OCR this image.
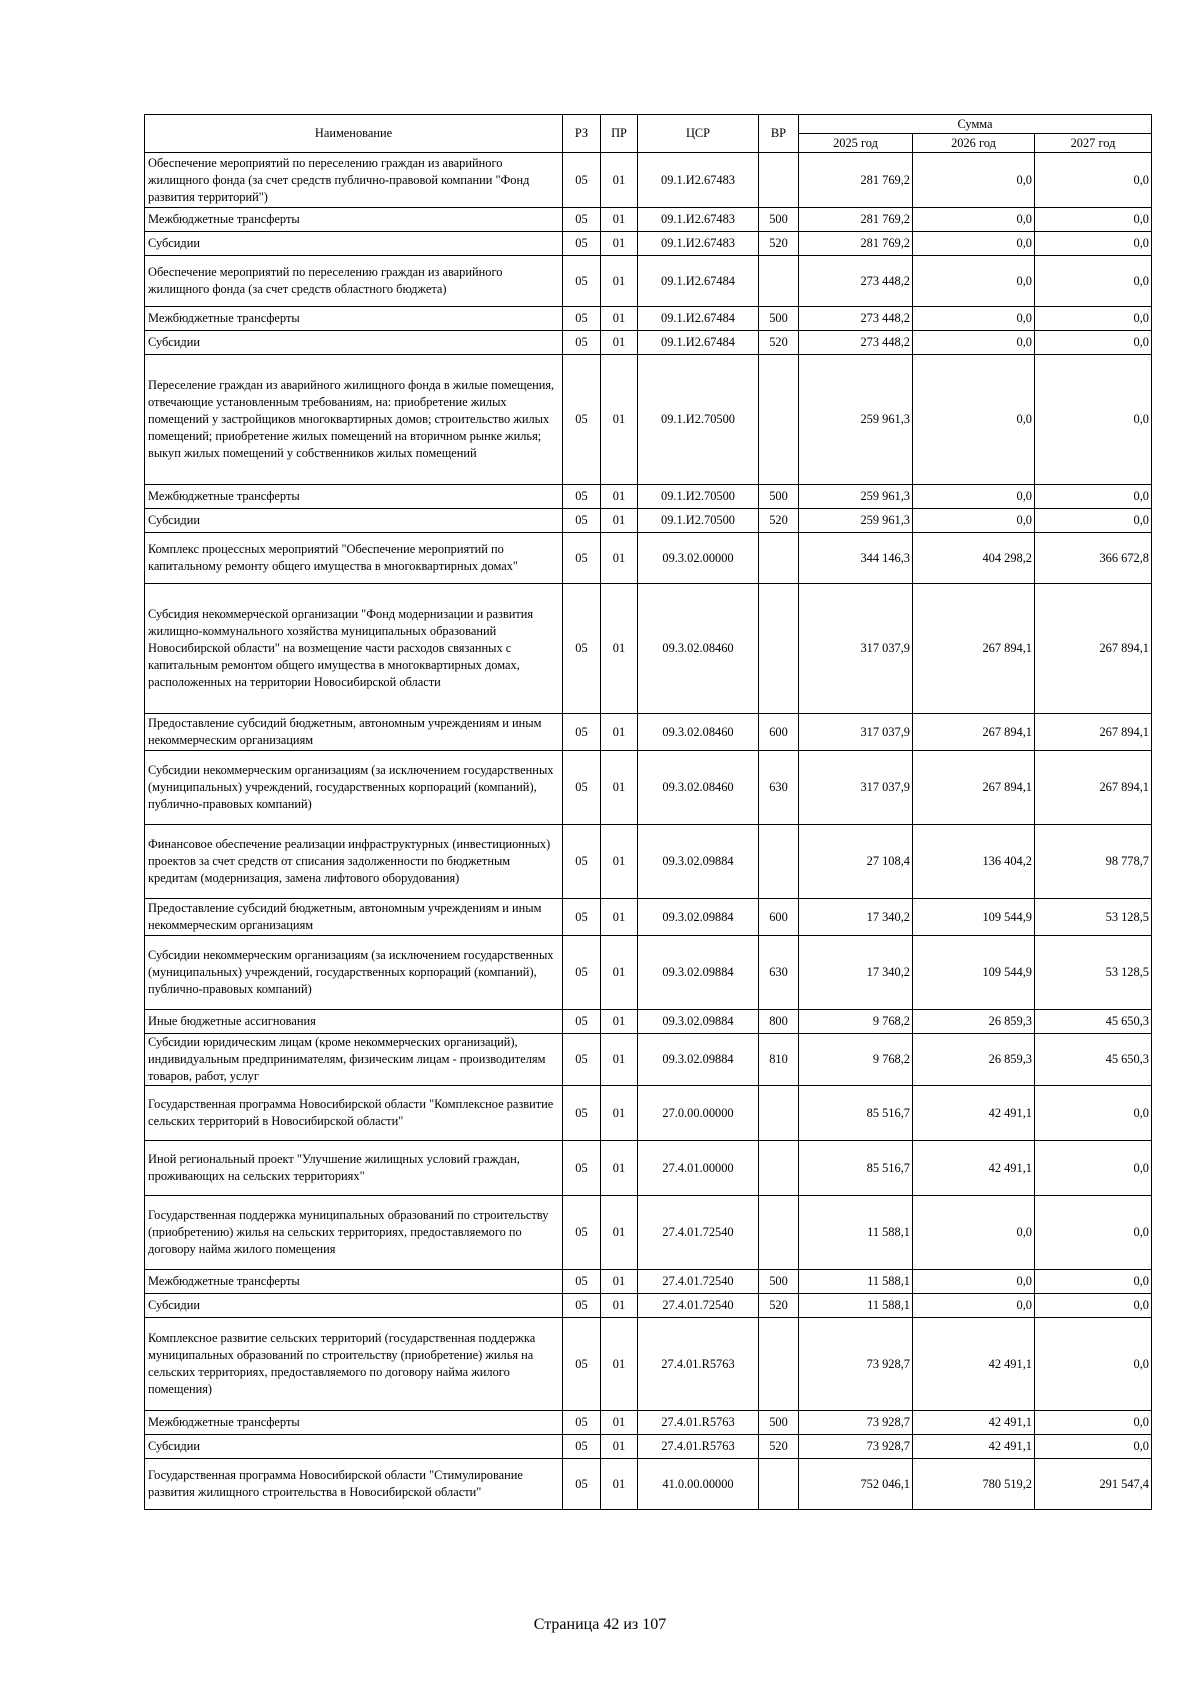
Наименование	РЗ	ПР	ЦСР	ВР	Сумма		
					2025 год	2026 год	2027 год
Обеспечение мероприятий по переселению граждан из аварийного жилищного фонда (за счет средств публично-правовой компании "Фонд развития территорий")	05	01	09.1.И2.67483		281 769,2	0,0	0,0
Межбюджетные трансферты	05	01	09.1.И2.67483	500	281 769,2	0,0	0,0
Субсидии	05	01	09.1.И2.67483	520	281 769,2	0,0	0,0
Обеспечение мероприятий по переселению граждан из аварийного жилищного фонда (за счет средств областного бюджета)	05	01	09.1.И2.67484		273 448,2	0,0	0,0
Межбюджетные трансферты	05	01	09.1.И2.67484	500	273 448,2	0,0	0,0
Субсидии	05	01	09.1.И2.67484	520	273 448,2	0,0	0,0
Переселение граждан из аварийного жилищного фонда в жилые помещения, отвечающие установленным требованиям, на: приобретение жилых помещений у застройщиков многоквартирных домов; строительство жилых помещений; приобретение жилых помещений на вторичном рынке жилья; выкуп жилых помещений у собственников жилых помещений	05	01	09.1.И2.70500		259 961,3	0,0	0,0
Межбюджетные трансферты	05	01	09.1.И2.70500	500	259 961,3	0,0	0,0
Субсидии	05	01	09.1.И2.70500	520	259 961,3	0,0	0,0
Комплекс процессных мероприятий "Обеспечение мероприятий по капитальному ремонту общего имущества в многоквартирных домах"	05	01	09.3.02.00000		344 146,3	404 298,2	366 672,8
Субсидия некоммерческой организации "Фонд модернизации и развития жилищно-коммунального хозяйства муниципальных образований Новосибирской области" на возмещение части расходов связанных с капитальным ремонтом общего имущества в многоквартирных домах, расположенных на территории Новосибирской области	05	01	09.3.02.08460		317 037,9	267 894,1	267 894,1
Предоставление субсидий бюджетным, автономным учреждениям и иным некоммерческим организациям	05	01	09.3.02.08460	600	317 037,9	267 894,1	267 894,1
Субсидии некоммерческим организациям (за исключением государственных (муниципальных) учреждений, государственных корпораций (компаний), публично-правовых компаний)	05	01	09.3.02.08460	630	317 037,9	267 894,1	267 894,1
Финансовое обеспечение реализации инфраструктурных (инвестиционных) проектов за счет средств от списания задолженности по бюджетным кредитам (модернизация, замена лифтового оборудования)	05	01	09.3.02.09884		27 108,4	136 404,2	98 778,7
Предоставление субсидий бюджетным, автономным учреждениям и иным некоммерческим организациям	05	01	09.3.02.09884	600	17 340,2	109 544,9	53 128,5
Субсидии некоммерческим организациям (за исключением государственных (муниципальных) учреждений, государственных корпораций (компаний), публично-правовых компаний)	05	01	09.3.02.09884	630	17 340,2	109 544,9	53 128,5
Иные бюджетные ассигнования	05	01	09.3.02.09884	800	9 768,2	26 859,3	45 650,3
Субсидии юридическим лицам (кроме некоммерческих организаций), индивидуальным предпринимателям, физическим лицам - производителям товаров, работ, услуг	05	01	09.3.02.09884	810	9 768,2	26 859,3	45 650,3
Государственная программа Новосибирской области "Комплексное развитие сельских территорий в Новосибирской области"	05	01	27.0.00.00000		85 516,7	42 491,1	0,0
Иной региональный проект "Улучшение жилищных условий граждан, проживающих на сельских территориях"	05	01	27.4.01.00000		85 516,7	42 491,1	0,0
Государственная поддержка муниципальных образований по строительству (приобретению) жилья на сельских территориях, предоставляемого по договору найма жилого помещения	05	01	27.4.01.72540		11 588,1	0,0	0,0
Межбюджетные трансферты	05	01	27.4.01.72540	500	11 588,1	0,0	0,0
Субсидии	05	01	27.4.01.72540	520	11 588,1	0,0	0,0
Комплексное развитие сельских территорий (государственная поддержка муниципальных образований по строительству (приобретение) жилья на сельских территориях, предоставляемого по договору найма жилого помещения)	05	01	27.4.01.R5763		73 928,7	42 491,1	0,0
Межбюджетные трансферты	05	01	27.4.01.R5763	500	73 928,7	42 491,1	0,0
Субсидии	05	01	27.4.01.R5763	520	73 928,7	42 491,1	0,0
Государственная программа Новосибирской области "Стимулирование развития жилищного строительства в Новосибирской области"	05	01	41.0.00.00000		752 046,1	780 519,2	291 547,4
Страница 42 из 107
